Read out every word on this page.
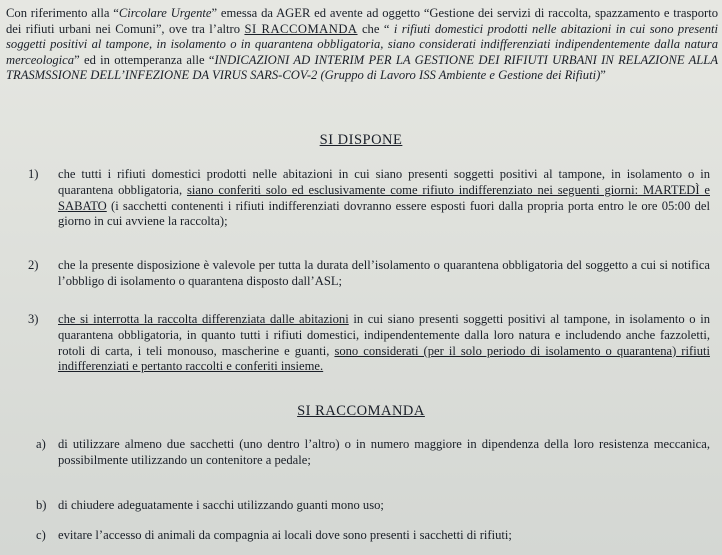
Con riferimento alla “Circolare Urgente” emessa da AGER ed avente ad oggetto “Gestione dei servizi di raccolta, spazzamento e trasporto dei rifiuti urbani nei Comuni”, ove tra l’altro SI RACCOMANDA che “ i rifiuti domestici prodotti nelle abitazioni in cui sono presenti soggetti positivi al tampone, in isolamento o in quarantena obbligatoria, siano considerati indifferenziati indipendentemente dalla natura merceologica” ed in ottemperanza alle “INDICAZIONI AD INTERIM PER LA GESTIONE DEI RIFIUTI URBANI IN RELAZIONE ALLA TRASMSSIONE DELL’INFEZIONE DA VIRUS SARS-COV-2 (Gruppo di Lavoro ISS Ambiente e Gestione dei Rifiuti)”
SI DISPONE
1) che tutti i rifiuti domestici prodotti nelle abitazioni in cui siano presenti soggetti positivi al tampone, in isolamento o in quarantena obbligatoria, siano conferiti solo ed esclusivamente come rifiuto indifferenziato nei seguenti giorni: MARTEDÌ e SABATO (i sacchetti contenenti i rifiuti indifferenziati dovranno essere esposti fuori dalla propria porta entro le ore 05:00 del giorno in cui avviene la raccolta);
2) che la presente disposizione è valevole per tutta la durata dell’isolamento o quarantena obbligatoria del soggetto a cui si notifica l’obbligo di isolamento o quarantena disposto dall’ASL;
3) che si interrotta la raccolta differenziata dalle abitazioni in cui siano presenti soggetti positivi al tampone, in isolamento o in quarantena obbligatoria, in quanto tutti i rifiuti domestici, indipendentemente dalla loro natura e includendo anche fazzoletti, rotoli di carta, i teli monouso, mascherine e guanti, sono considerati (per il solo periodo di isolamento o quarantena) rifiuti indifferenziati e pertanto raccolti e conferiti insieme.
SI RACCOMANDA
a) di utilizzare almeno due sacchetti (uno dentro l’altro) o in numero maggiore in dipendenza della loro resistenza meccanica, possibilmente utilizzando un contenitore a pedale;
b) di chiudere adeguatamente i sacchi utilizzando guanti mono uso;
c) evitare l’accesso di animali da compagnia ai locali dove sono presenti i sacchetti di rifiuti;
